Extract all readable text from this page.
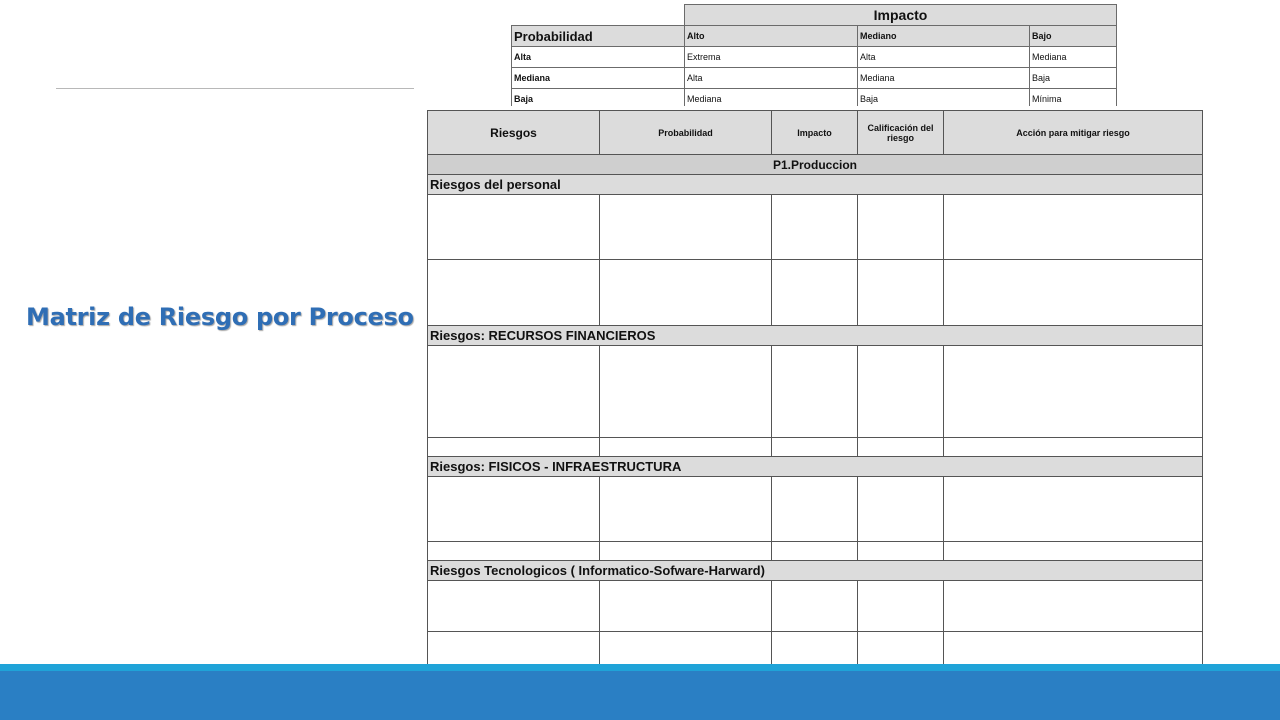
Matriz de Riesgo por Proceso
	Impacto		
Probabilidad	Alto	Mediano	Bajo
Alta	Extrema	Alta	Mediana
Mediana	Alta	Mediana	Baja
Baja	Mediana	Baja	Mínima
Riesgos	Probabilidad	Impacto	Calificación del riesgo	Acción para mitigar riesgo
P1.Produccion				
Riesgos del personal				

Riesgos: RECURSOS FINANCIEROS				

Riesgos: FISICOS - INFRAESTRUCTURA				

Riesgos Tecnologicos ( Informatico-Sofware-Harward)				
